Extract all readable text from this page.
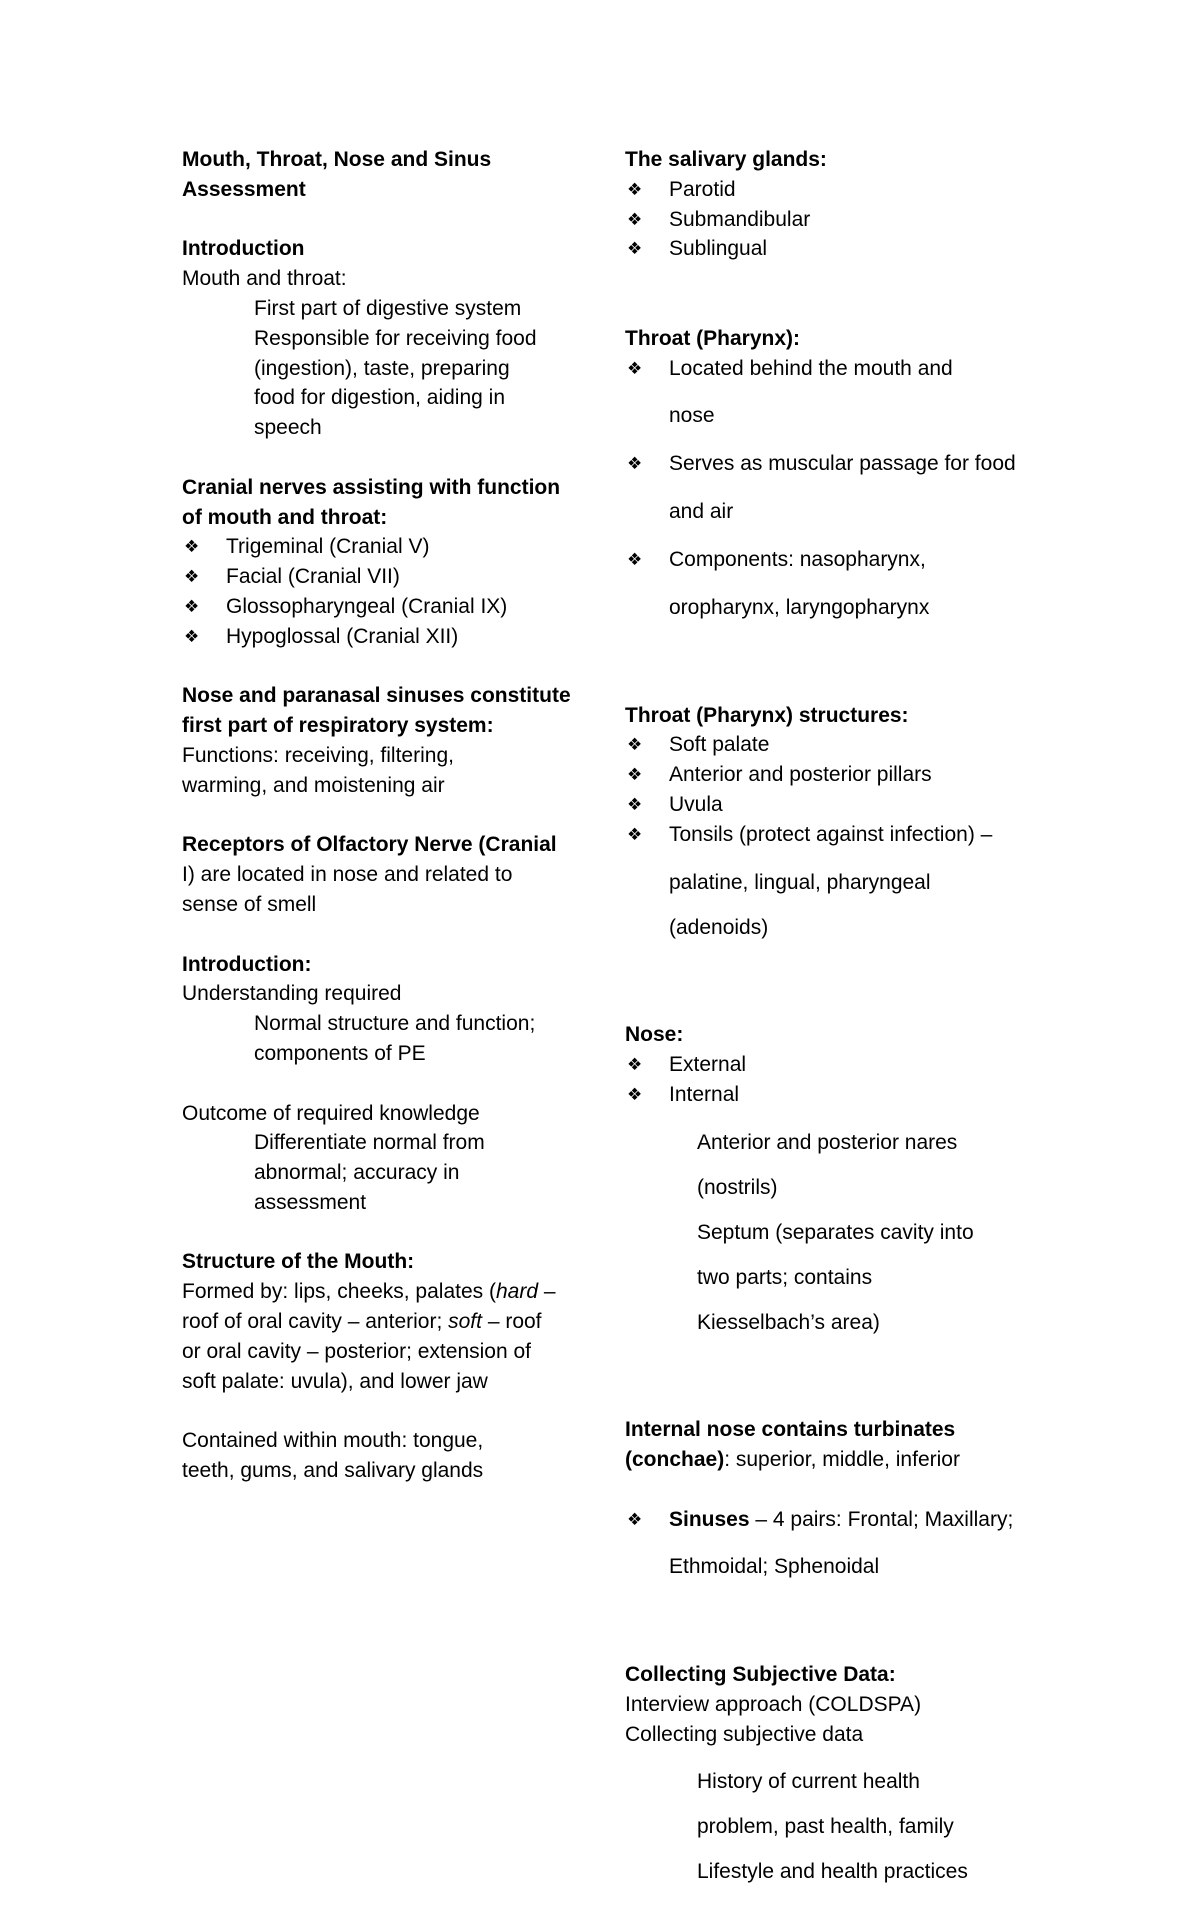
Mouth, Throat, Nose and Sinus

Assessment

Introduction

Mouth and throat:

First part of digestive system

Responsible for receiving food

(ingestion), taste, preparing

food for digestion, aiding in

speech

Cranial nerves assisting with function

of mouth and throat:

❖ Trigeminal (Cranial V)

❖ Facial (Cranial VII)

❖ Glossopharyngeal (Cranial IX)

❖ Hypoglossal (Cranial XII)

Nose and paranasal sinuses constitute

first part of respiratory system:

Functions: receiving, filtering,

warming, and moistening air

Receptors of Olfactory Nerve (Cranial

I) are located in nose and related to

sense of smell

Introduction:

Understanding required

Normal structure and function;

components of PE

Outcome of required knowledge

Differentiate normal from

abnormal; accuracy in

assessment

Structure of the Mouth:

Formed by: lips, cheeks, palates (hard –

roof of oral cavity – anterior; soft – roof

or oral cavity – posterior; extension of

soft palate: uvula), and lower jaw

Contained within mouth: tongue,

teeth, gums, and salivary glands

The salivary glands:

❖ Parotid

❖ Submandibular

❖ Sublingual

Throat (Pharynx):

❖ Located behind the mouth and

nose

❖ Serves as muscular passage for food

and air

❖ Components: nasopharynx,

oropharynx, laryngopharynx

Throat (Pharynx) structures:

❖ Soft palate

❖ Anterior and posterior pillars

❖ Uvula

❖ Tonsils (protect against infection) –

palatine, lingual, pharyngeal

(adenoids)

Nose:

❖ External

❖ Internal

Anterior and posterior nares

(nostrils)

Septum (separates cavity into

two parts; contains

Kiesselbach’s area)

Internal nose contains turbinates

(conchae): superior, middle, inferior

❖ Sinuses – 4 pairs: Frontal; Maxillary;

Ethmoidal; Sphenoidal

Collecting Subjective Data:

Interview approach (COLDSPA)

Collecting subjective data

History of current health

problem, past health, family

Lifestyle and health practices
